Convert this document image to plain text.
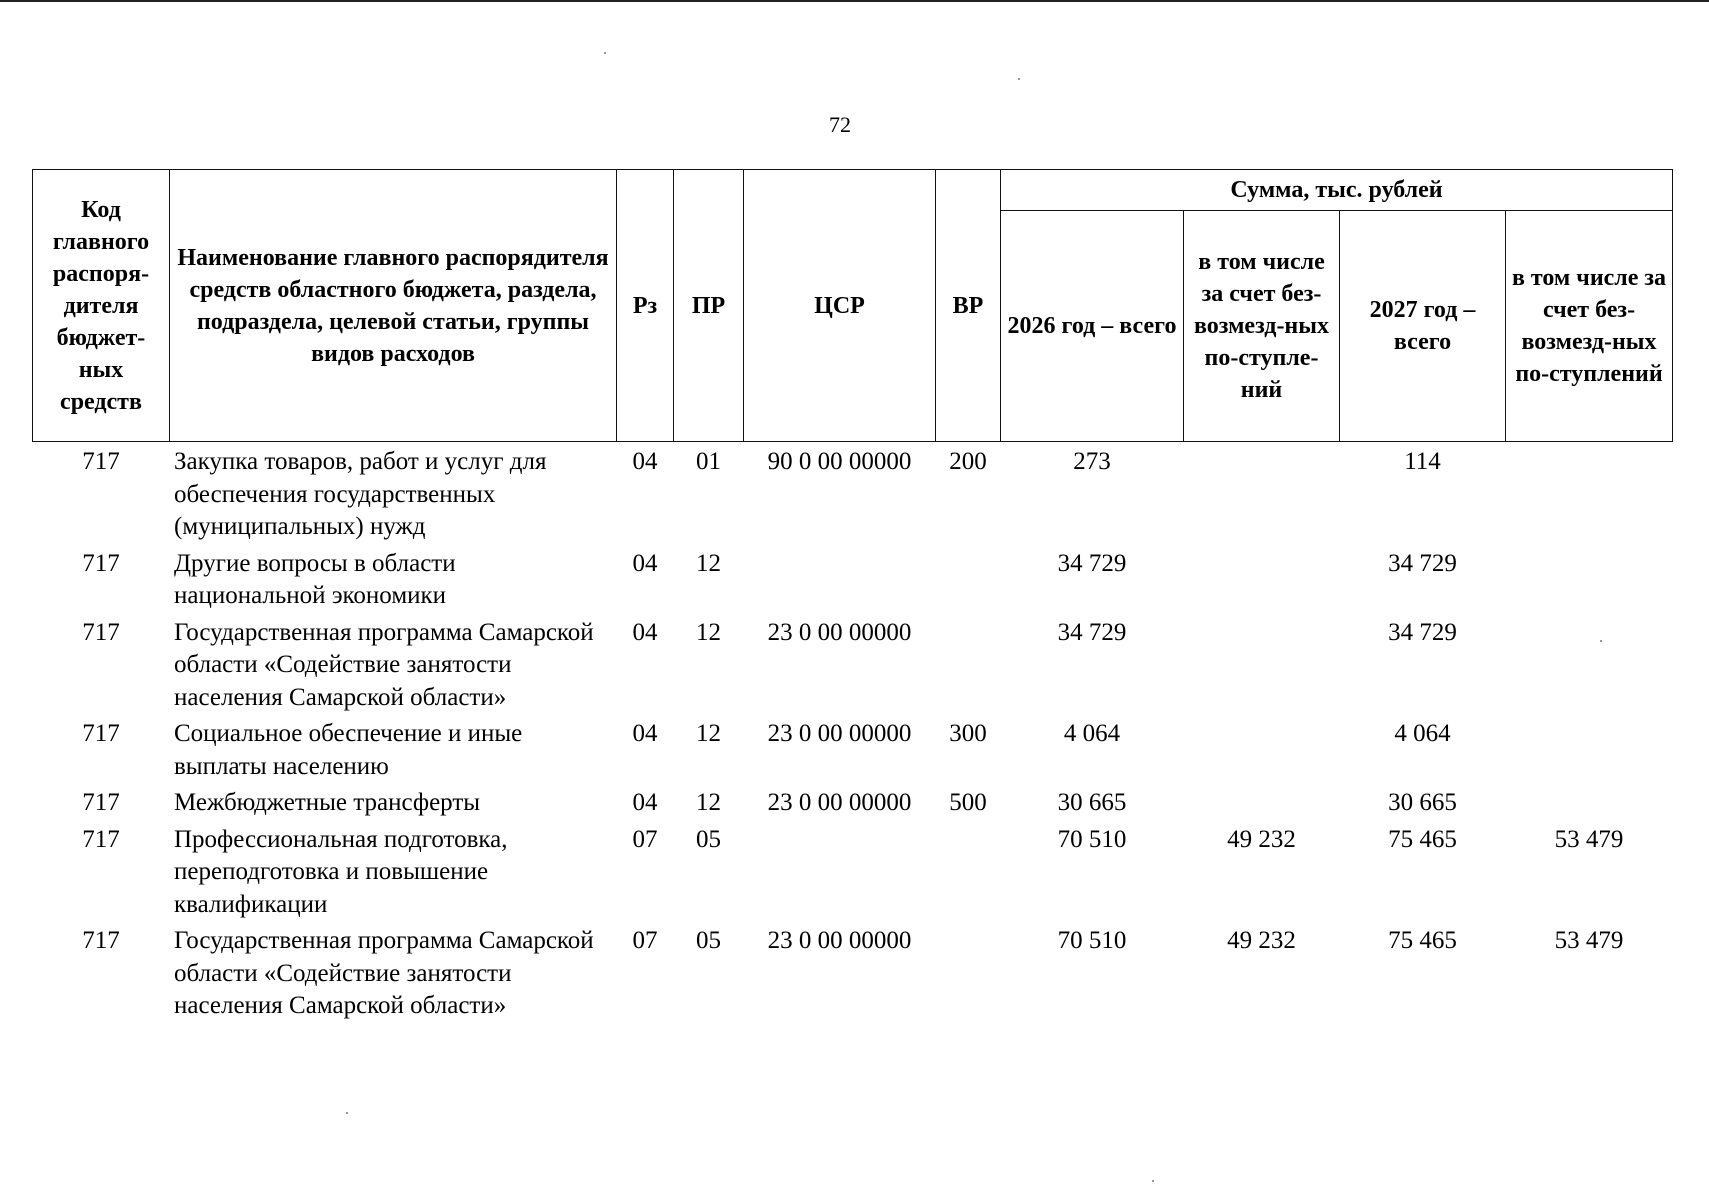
72
Код главного распоря-дителя бюджет-ных средств	Наименование главного распорядителя средств областного бюджета, раздела, подраздела, целевой статьи, группы видов расходов	Рз	ПР	ЦСР	ВР	Сумма, тыс. рублей			
						2026 год – всего	в том числе за счет без-возмезд-ных по-ступле-ний	2027 год – всего	в том числе за счет без-возмезд-ных по-ступлений
717	Закупка товаров, работ и услуг для обеспечения государственных (муниципальных) нужд	04	01	90 0 00 00000	200	273		114	
717	Другие вопросы в области национальной экономики	04	12			34 729		34 729	
717	Государственная программа Самарской области «Содействие занятости населения Самарской области»	04	12	23 0 00 00000		34 729		34 729	
717	Социальное обеспечение и иные выплаты населению	04	12	23 0 00 00000	300	4 064		4 064	
717	Межбюджетные трансферты	04	12	23 0 00 00000	500	30 665		30 665	
717	Профессиональная подготовка, переподготовка и повышение квалификации	07	05			70 510	49 232	75 465	53 479
717	Государственная программа Самарской области «Содействие занятости населения Самарской области»	07	05	23 0 00 00000		70 510	49 232	75 465	53 479
